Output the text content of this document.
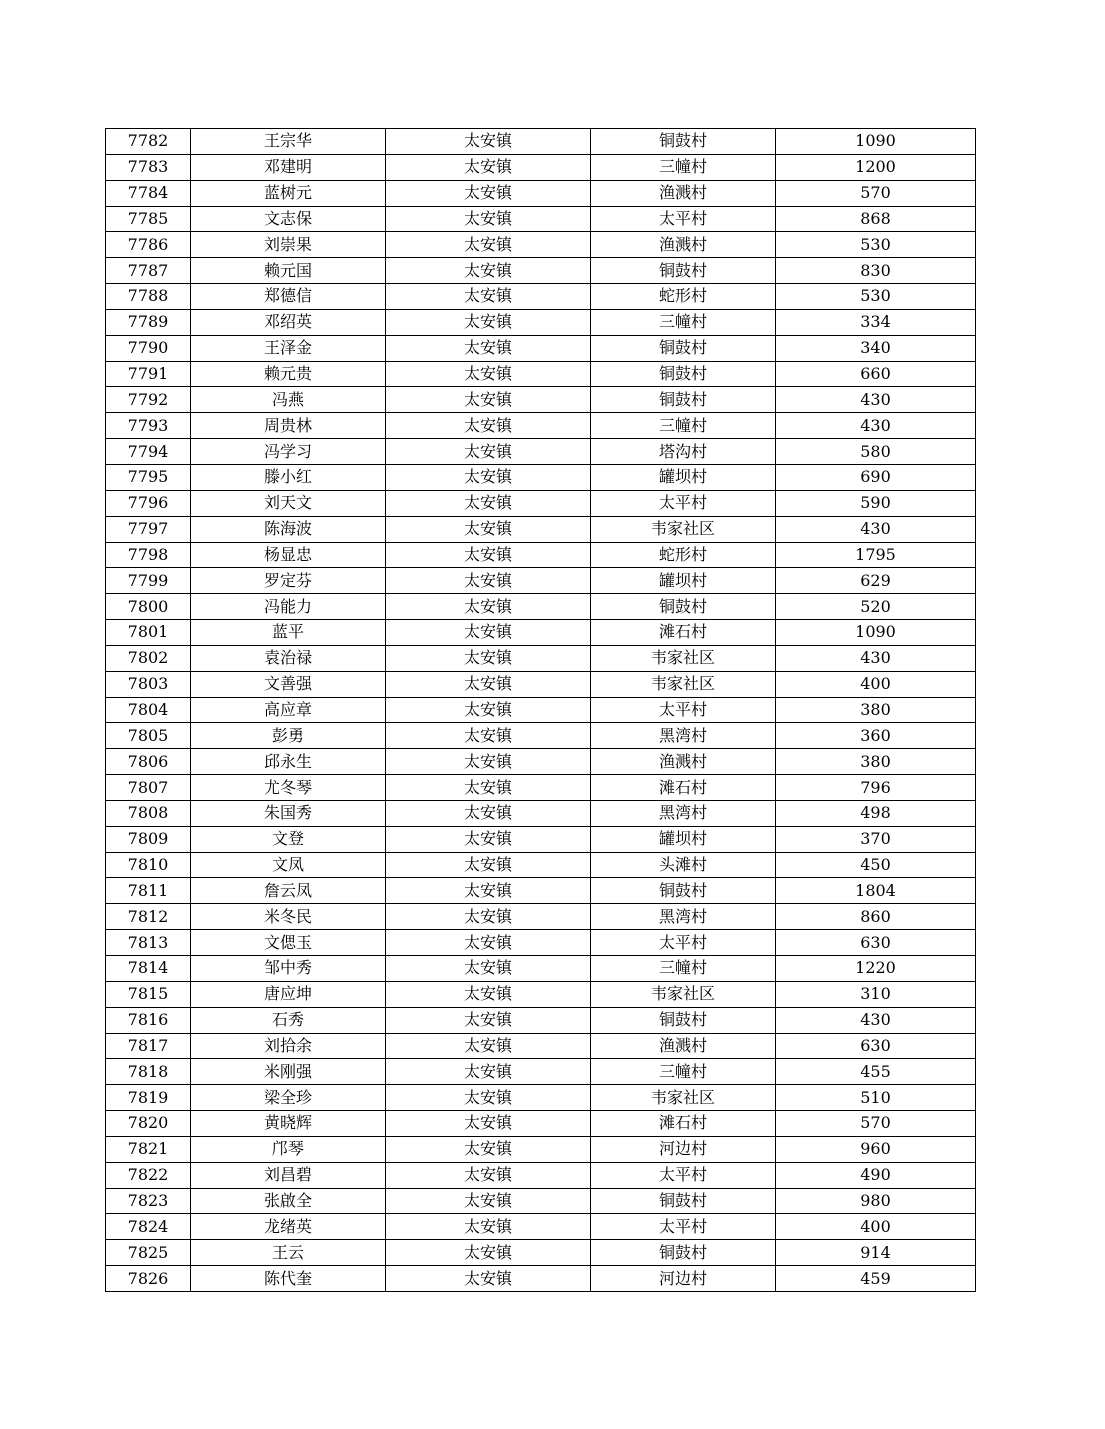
7782	王宗华	太安镇	铜鼓村	1090
7783	邓建明	太安镇	三幢村	1200
7784	蓝树元	太安镇	渔溅村	570
7785	文志保	太安镇	太平村	868
7786	刘崇果	太安镇	渔溅村	530
7787	赖元国	太安镇	铜鼓村	830
7788	郑德信	太安镇	蛇形村	530
7789	邓绍英	太安镇	三幢村	334
7790	王泽金	太安镇	铜鼓村	340
7791	赖元贵	太安镇	铜鼓村	660
7792	冯燕	太安镇	铜鼓村	430
7793	周贵林	太安镇	三幢村	430
7794	冯学习	太安镇	塔沟村	580
7795	滕小红	太安镇	罐坝村	690
7796	刘天文	太安镇	太平村	590
7797	陈海波	太安镇	韦家社区	430
7798	杨显忠	太安镇	蛇形村	1795
7799	罗定芬	太安镇	罐坝村	629
7800	冯能力	太安镇	铜鼓村	520
7801	蓝平	太安镇	滩石村	1090
7802	袁治禄	太安镇	韦家社区	430
7803	文善强	太安镇	韦家社区	400
7804	高应章	太安镇	太平村	380
7805	彭勇	太安镇	黑湾村	360
7806	邱永生	太安镇	渔溅村	380
7807	尤冬琴	太安镇	滩石村	796
7808	朱国秀	太安镇	黑湾村	498
7809	文登	太安镇	罐坝村	370
7810	文凤	太安镇	头滩村	450
7811	詹云凤	太安镇	铜鼓村	1804
7812	米冬民	太安镇	黑湾村	860
7813	文偲玉	太安镇	太平村	630
7814	邹中秀	太安镇	三幢村	1220
7815	唐应坤	太安镇	韦家社区	310
7816	石秀	太安镇	铜鼓村	430
7817	刘拾余	太安镇	渔溅村	630
7818	米刚强	太安镇	三幢村	455
7819	梁全珍	太安镇	韦家社区	510
7820	黄晓辉	太安镇	滩石村	570
7821	邝琴	太安镇	河边村	960
7822	刘昌碧	太安镇	太平村	490
7823	张啟全	太安镇	铜鼓村	980
7824	龙绪英	太安镇	太平村	400
7825	王云	太安镇	铜鼓村	914
7826	陈代奎	太安镇	河边村	459
